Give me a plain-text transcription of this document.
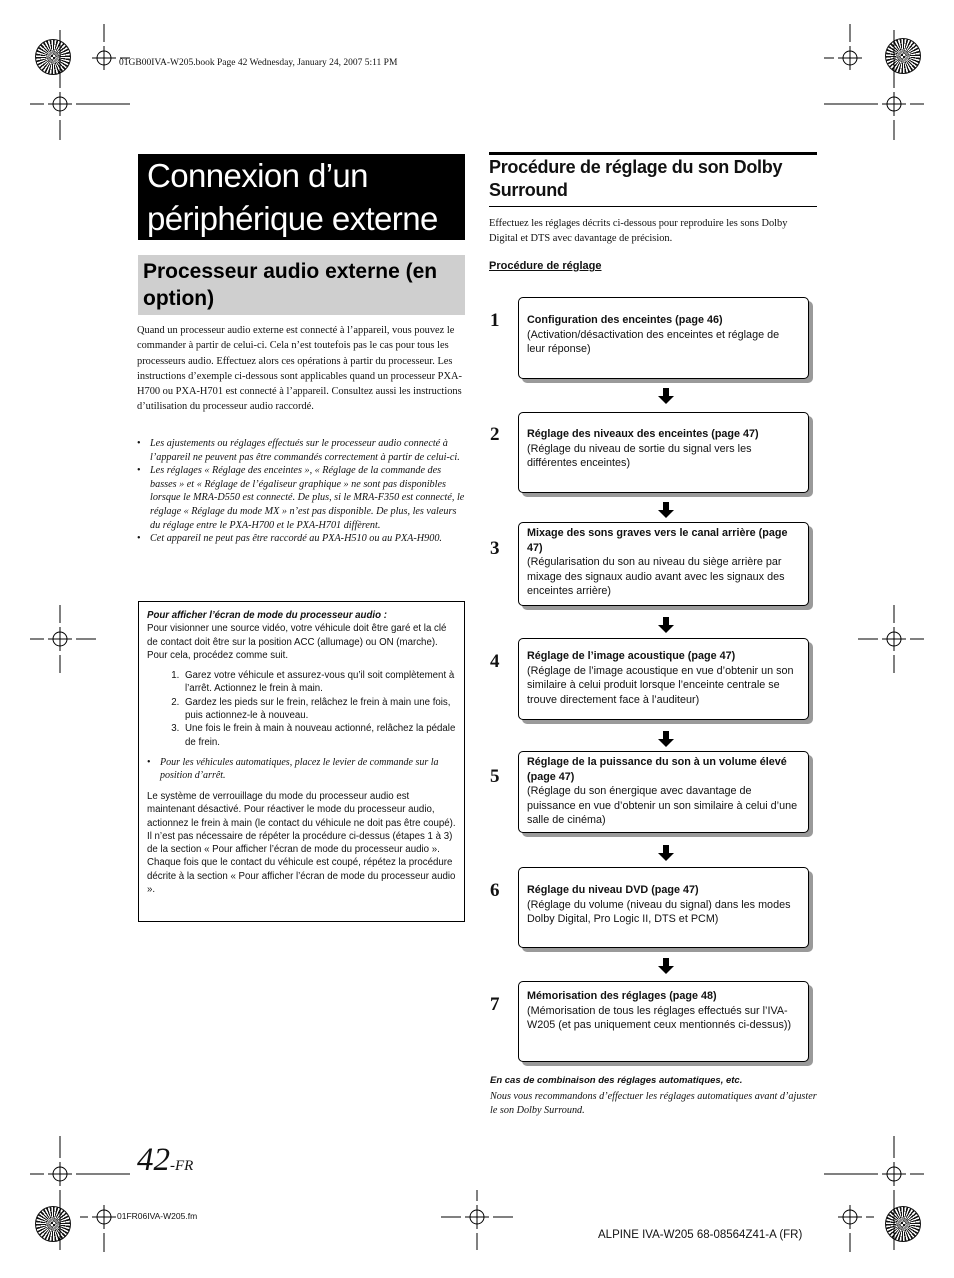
01GB00IVA-W205.book Page 42 Wednesday, January 24, 2007 5:11 PM
Connexion d’un périphérique externe
Processeur audio externe (en option)
Quand un processeur audio externe est connecté à l’appareil, vous pouvez le commander à partir de celui-ci. Cela n’est toutefois pas le cas pour tous les processeurs audio. Effectuez alors ces opérations à partir du processeur. Les instructions d’exemple ci-dessous sont applicables quand un processeur PXA-H700 ou PXA-H701 est connecté à l’appareil. Consultez aussi les instructions d’utilisation du processeur audio raccordé.
• Les ajustements ou réglages effectués sur le processeur audio connecté à l’appareil ne peuvent pas être commandés correctement à partir de celui-ci.
• Les réglages « Réglage des enceintes », « Réglage de la commande des basses » et « Réglage de l’égaliseur graphique » ne sont pas disponibles lorsque le MRA-D550 est connecté. De plus, si le MRA-F350 est connecté, le réglage « Réglage du mode MX » n’est pas disponible. De plus, les valeurs du réglage entre le PXA-H700 et le PXA-H701 diffèrent.
• Cet appareil ne peut pas être raccordé au PXA-H510 ou au PXA-H900.
Pour afficher l’écran de mode du processeur audio :

Pour visionner une source vidéo, votre véhicule doit être garé et la clé de contact doit être sur la position ACC (allumage) ou ON (marche). Pour cela, procédez comme suit.

1. Garez votre véhicule et assurez-vous qu’il soit complètement à l’arrêt. Actionnez le frein à main.
2. Gardez les pieds sur le frein, relâchez le frein à main une fois, puis actionnez-le à nouveau.
3. Une fois le frein à main à nouveau actionné, relâchez la pédale de frein.
• Pour les véhicules automatiques, placez le levier de commande sur la position d’arrêt.

Le système de verrouillage du mode du processeur audio est maintenant désactivé. Pour réactiver le mode du processeur audio, actionnez le frein à main (le contact du véhicule ne doit pas être coupé). Il n’est pas nécessaire de répéter la procédure ci-dessus (étapes 1 à 3) de la section « Pour afficher l’écran de mode du processeur audio ».

Chaque fois que le contact du véhicule est coupé, répétez la procédure décrite à la section « Pour afficher l’écran de mode du processeur audio ».

Procédure de réglage du son Dolby Surround
Effectuez les réglages décrits ci-dessous pour reproduire les sons Dolby Digital et DTS avec davantage de précision.
Procédure de réglage
1	Configuration des enceintes (page 46)
(Activation/désactivation des enceintes et réglage de leur réponse)
2	Réglage des niveaux des enceintes (page 47)
(Réglage du niveau de sortie du signal vers les différentes enceintes)
3
Mixage des sons graves vers le canal arrière (page 47)
(Régularisation du son au niveau du siège arrière par mixage des signaux audio avant avec les signaux des enceintes arrière)
4	Réglage de l’image acoustique (page 47)
(Réglage de l’image acoustique en vue d’obtenir un son similaire à celui produit lorsque l’enceinte centrale se trouve directement face à l’auditeur)
5
Réglage de la puissance du son à un volume élevé (page 47)
(Réglage du son énergique avec davantage de puissance en vue d’obtenir un son similaire à celui d’une salle de cinéma)
6	Réglage du niveau DVD (page 47)
(Réglage du volume (niveau du signal) dans les modes Dolby Digital, Pro Logic II, DTS et PCM)
7	Mémorisation des réglages (page 48)
(Mémorisation de tous les réglages effectués sur l’IVA-W205 (et pas uniquement ceux mentionnés ci-dessus))
En cas de combinaison des réglages automatiques, etc.
Nous vous recommandons d’effectuer les réglages automatiques avant d’ajuster le son Dolby Surround.
42-FR
01FR06IVA-W205.fm
ALPINE IVA-W205 68-08564Z41-A (FR)
